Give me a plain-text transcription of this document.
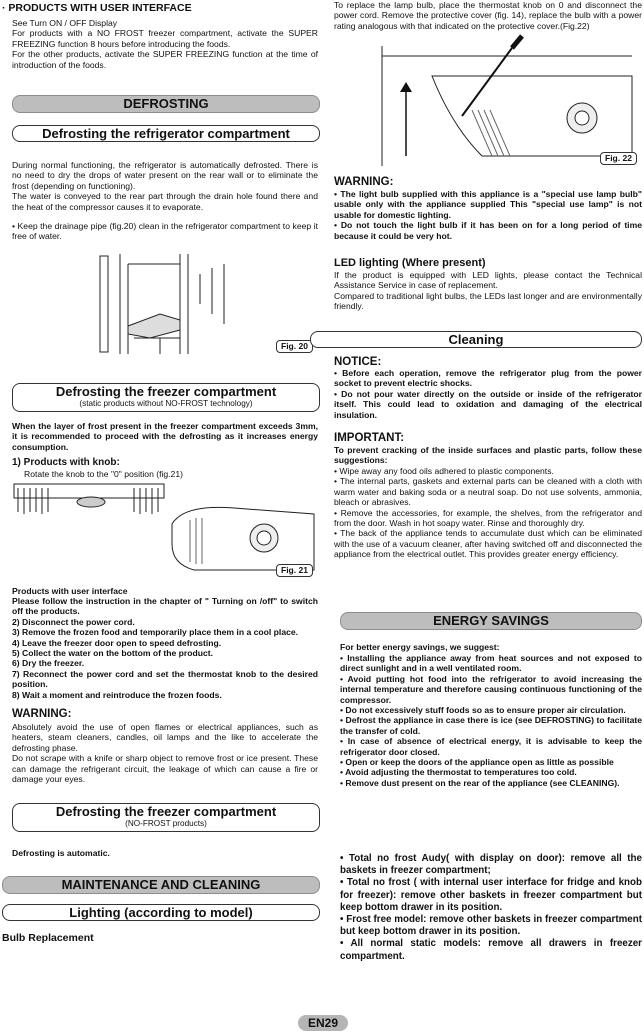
· PRODUCTS WITH USER INTERFACE

See Turn ON / OFF Display

For products with a NO FROST freezer compartment, activate the SUPER FREEZING function 8 hours before introducing the foods.

For the other products, activate the SUPER FREEZING function at the time of introduction of the foods.

DEFROSTING
Defrosting the refrigerator compartment

During normal functioning, the refrigerator is automatically defrosted. There is no need to dry the drops of water present on the rear wall or to eliminate the frost (depending on functioning).

The water is conveyed to the rear part through the drain hole found there and the heat of the compressor causes it to evaporate.

• Keep the drainage pipe (fig.20) clean in the refrigerator compartment to keep it free of water.

Fig. 20
Defrosting the freezer compartment
(static products without NO-FROST technology)

When the layer of frost present in the freezer compartment exceeds 3mm, it is recommended to proceed with the defrosting as it increases energy consumption.

1) Products with knob:

Rotate the knob to the "0" position (fig.21)

Fig. 21

Products with user interface

Please follow the instruction in the chapter of " Turning on /off" to switch off the products.

2) Disconnect the power cord.

3) Remove the frozen food and temporarily place them in a cool place.

4) Leave the freezer door open to speed defrosting.

5) Collect the water on the bottom of the product.

6) Dry the freezer.

7) Reconnect the power cord and set the thermostat knob to the desired position.

8) Wait a moment and reintroduce the frozen foods.

WARNING:

Absolutely avoid the use of open flames or electrical appliances, such as heaters, steam cleaners, candles, oil lamps and the like to accelerate the defrosting phase.

Do not scrape with a knife or sharp object to remove frost or ice present. These can damage the refrigerant circuit, the leakage of which can cause a fire or damage your eyes.

Defrosting the freezer compartment
(NO-FROST products)

Defrosting is automatic.

MAINTENANCE AND CLEANING
Lighting (according to model)

Bulb Replacement

To replace the lamp bulb, place the thermostat knob on 0 and disconnect the power cord. Remove the protective cover (fig. 14), replace the bulb with a power rating analogous with that indicated on the protective cover.(Fig.22)

Fig. 22

WARNING:

• The light bulb supplied with this appliance is a "special use lamp bulb" usable only with the appliance supplied This "special use lamp" is not usable for domestic lighting.

• Do not touch the light bulb if it has been on for a long period of time because it could be very hot.

LED lighting (Where present)

If the product is equipped with LED lights, please contact the Technical Assistance Service in case of replacement.

Compared to traditional light bulbs, the LEDs last longer and are environmentally friendly.

Cleaning

NOTICE:

• Before each operation, remove the refrigerator plug from the power socket to prevent electric shocks.

• Do not pour water directly on the outside or inside of the refrigerator itself. This could lead to oxidation and damaging of the electrical insulation.

IMPORTANT:

To prevent cracking of the inside surfaces and plastic parts, follow these suggestions:

• Wipe away any food oils adhered to plastic components.

• The internal parts, gaskets and external parts can be cleaned with a cloth with warm water and baking soda or a neutral soap. Do not use solvents, ammonia, bleach or abrasives.

• Remove the accessories, for example, the shelves, from the refrigerator and from the door. Wash in hot soapy water. Rinse and thoroughly dry.

• The back of the appliance tends to accumulate dust which can be eliminated with the use of a vacuum cleaner, after having switched off and disconnected the appliance from the electrical outlet. This provides greater energy efficiency.

ENERGY SAVINGS

For better energy savings, we suggest:

• Installing the appliance away from heat sources and not exposed to direct sunlight and in a well ventilated room.

• Avoid putting hot food into the refrigerator to avoid increasing the internal temperature and therefore causing continuous functioning of the compressor.

• Do not excessively stuff foods so as to ensure proper air circulation.

• Defrost the appliance in case there is ice (see DEFROSTING) to facilitate the transfer of cold.

• In case of absence of electrical energy, it is advisable to keep the refrigerator door closed.

• Open or keep the doors of the appliance open as little as possible

• Avoid adjusting the thermostat to temperatures too cold.

• Remove dust present on the rear of the appliance (see CLEANING).

• Total no frost Audy( with display on door): remove all the baskets in freezer compartment;

• Total no frost ( with internal user interface for fridge and knob for freezer): remove other baskets in freezer compartment but keep bottom drawer in its position.

• Frost free model: remove other baskets in freezer compartment but keep bottom drawer in its position.

• All normal static models: remove all drawers in freezer compartment.

EN29
